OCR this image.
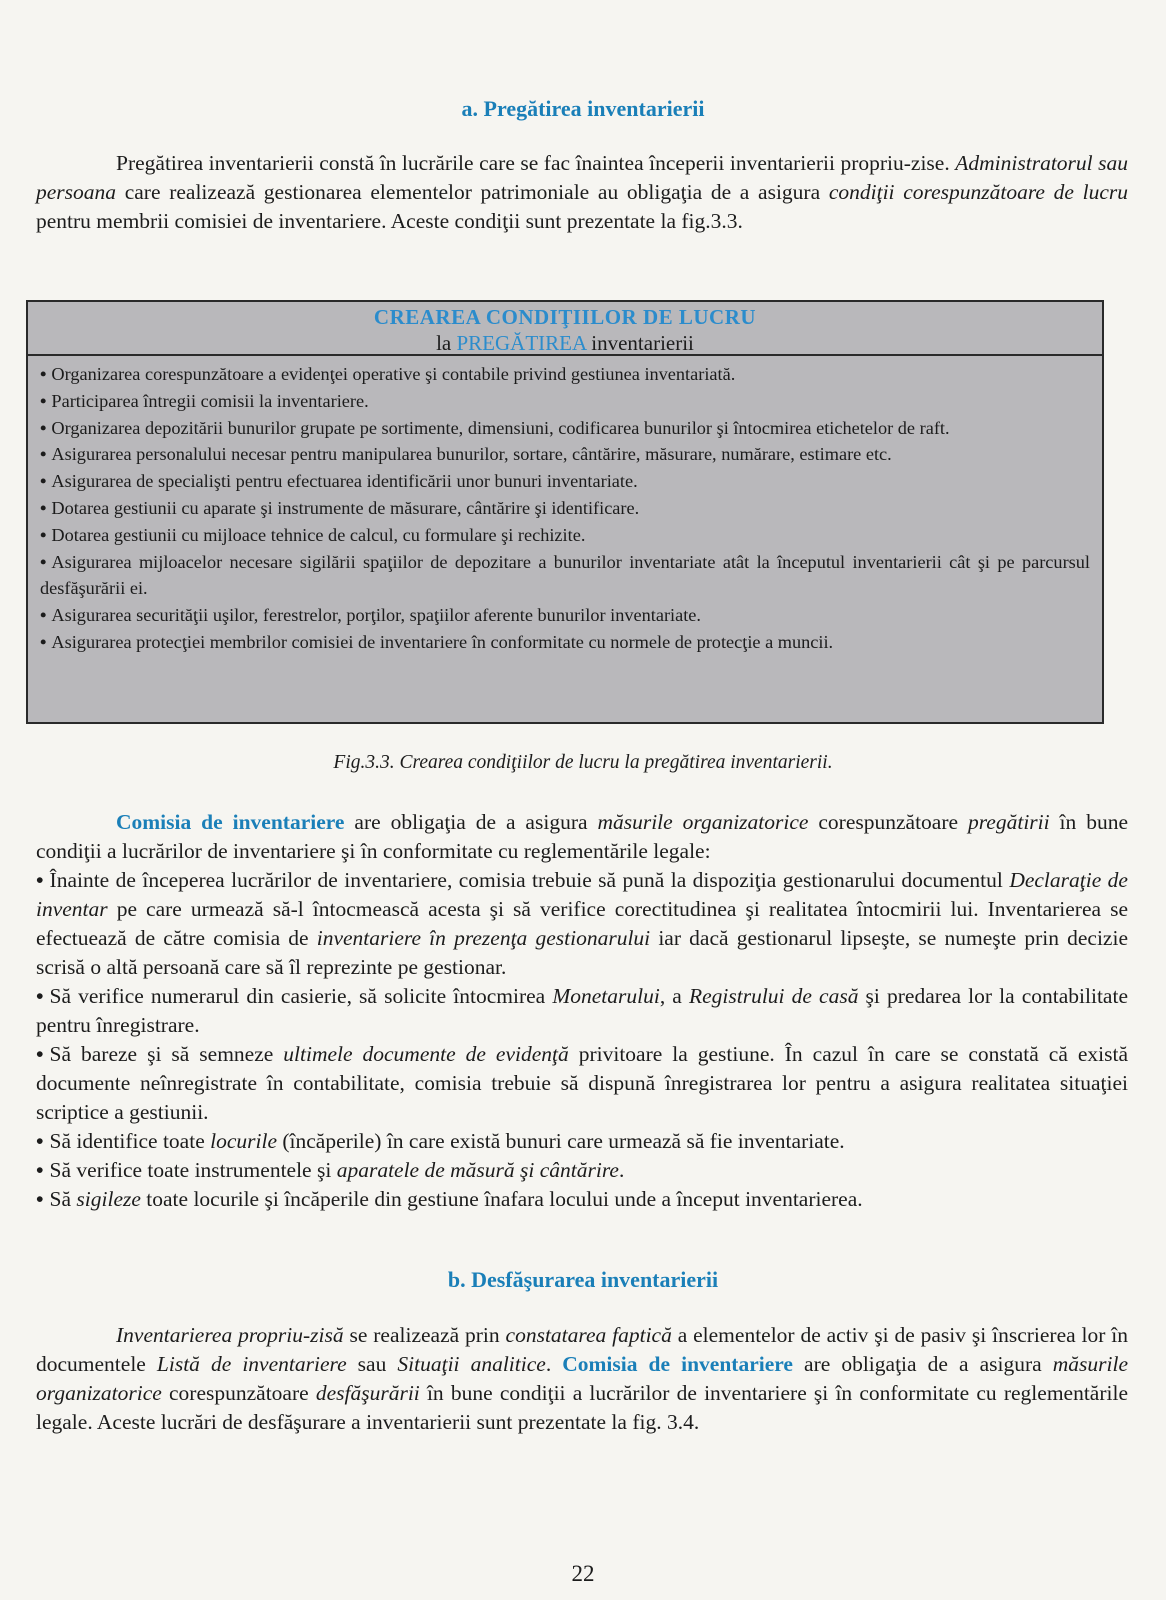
a. Pregătirea inventarierii
Pregătirea inventarierii constă în lucrările care se fac înaintea începerii inventarierii propriu-zise. Administratorul sau persoana care realizează gestionarea elementelor patrimoniale au obligaţia de a asigura condiţii corespunzătoare de lucru pentru membrii comisiei de inventariere. Aceste condiţii sunt prezentate la fig.3.3.
CREAREA CONDIŢIILOR DE LUCRU
la PREGĂTIREA inventarierii
• Organizarea corespunzătoare a evidenţei operative şi contabile privind gestiunea inventariată.
• Participarea întregii comisii la inventariere.
• Organizarea depozitării bunurilor grupate pe sortimente, dimensiuni, codificarea bunurilor şi întocmirea etichetelor de raft.
• Asigurarea personalului necesar pentru manipularea bunurilor, sortare, cântărire, măsurare, numărare, estimare etc.
• Asigurarea de specialişti pentru efectuarea identificării unor bunuri inventariate.
• Dotarea gestiunii cu aparate şi instrumente de măsurare, cântărire şi identificare.
• Dotarea gestiunii cu mijloace tehnice de calcul, cu formulare şi rechizite.
• Asigurarea mijloacelor necesare sigilării spaţiilor de depozitare a bunurilor inventariate atât la începutul inventarierii cât şi pe parcursul desfăşurării ei.
• Asigurarea securităţii uşilor, ferestrelor, porţilor, spaţiilor aferente bunurilor inventariate.
• Asigurarea protecţiei membrilor comisiei de inventariere în conformitate cu normele de protecţie a muncii.
Fig.3.3. Crearea condiţiilor de lucru la pregătirea inventarierii.

Comisia de inventariere are obligaţia de a asigura măsurile organizatorice corespunzătoare pregătirii în bune condiţii a lucrărilor de inventariere şi în conformitate cu reglementările legale:

• Înainte de începerea lucrărilor de inventariere, comisia trebuie să pună la dispoziţia gestionarului documentul Declaraţie de inventar pe care urmează să-l întocmească acesta şi să verifice corectitudinea şi realitatea întocmirii lui. Inventarierea se efectuează de către comisia de inventariere în prezenţa gestionarului iar dacă gestionarul lipseşte, se numeşte prin decizie scrisă o altă persoană care să îl reprezinte pe gestionar.

• Să verifice numerarul din casierie, să solicite întocmirea Monetarului, a Registrului de casă şi predarea lor la contabilitate pentru înregistrare.

• Să bareze şi să semneze ultimele documente de evidenţă privitoare la gestiune. În cazul în care se constată că există documente neînregistrate în contabilitate, comisia trebuie să dispună înregistrarea lor pentru a asigura realitatea situaţiei scriptice a gestiunii.

• Să identifice toate locurile (încăperile) în care există bunuri care urmează să fie inventariate.

• Să verifice toate instrumentele şi aparatele de măsură şi cântărire.

• Să sigileze toate locurile şi încăperile din gestiune înafara locului unde a început inventarierea.

b. Desfăşurarea inventarierii

Inventarierea propriu-zisă se realizează prin constatarea faptică a elementelor de activ şi de pasiv şi înscrierea lor în documentele Listă de inventariere sau Situaţii analitice. Comisia de inventariere are obligaţia de a asigura măsurile organizatorice corespunzătoare desfăşurării în bune condiţii a lucrărilor de inventariere şi în conformitate cu reglementările legale. Aceste lucrări de desfăşurare a inventarierii sunt prezentate la fig. 3.4.

22
